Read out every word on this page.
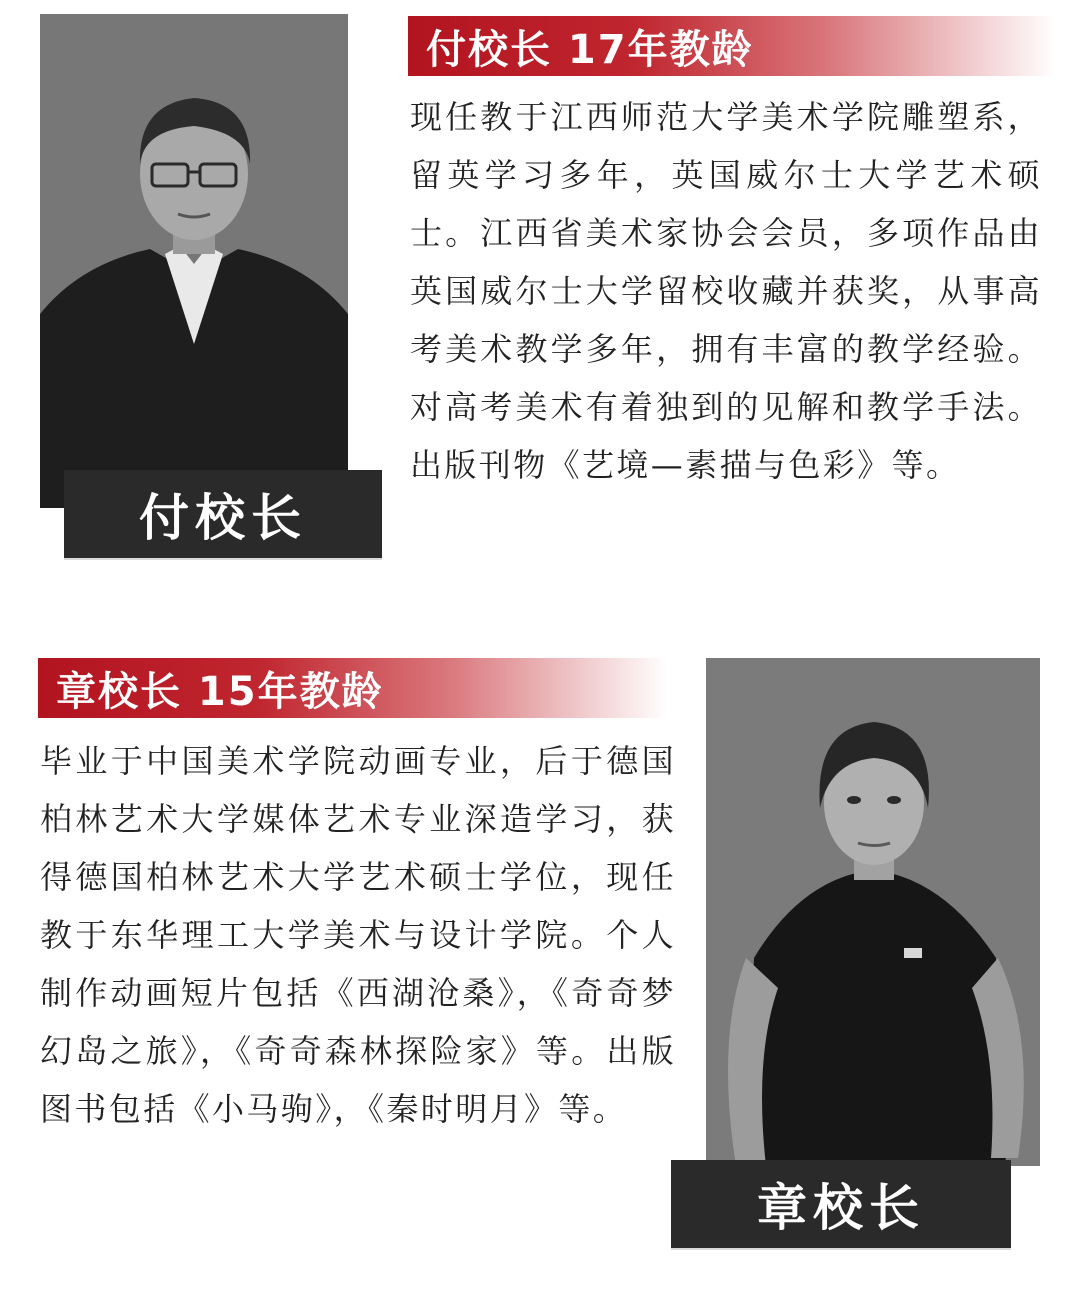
付校长
付校长 17年教龄
现任教于江西师范大学美术学院雕塑系，留英学习多年，英国威尔士大学艺术硕士。江西省美术家协会会员，多项作品由英国威尔士大学留校收藏并获奖，从事高考美术教学多年，拥有丰富的教学经验。对高考美术有着独到的见解和教学手法。出版刊物《艺境—素描与色彩》等。
章校长 15年教龄
毕业于中国美术学院动画专业，后于德国柏林艺术大学媒体艺术专业深造学习，获得德国柏林艺术大学艺术硕士学位，现任教于东华理工大学美术与设计学院。个人制作动画短片包括《西湖沧桑》，《奇奇梦幻岛之旅》，《奇奇森林探险家》等。出版图书包括《小马驹》，《秦时明月》等。
章校长
